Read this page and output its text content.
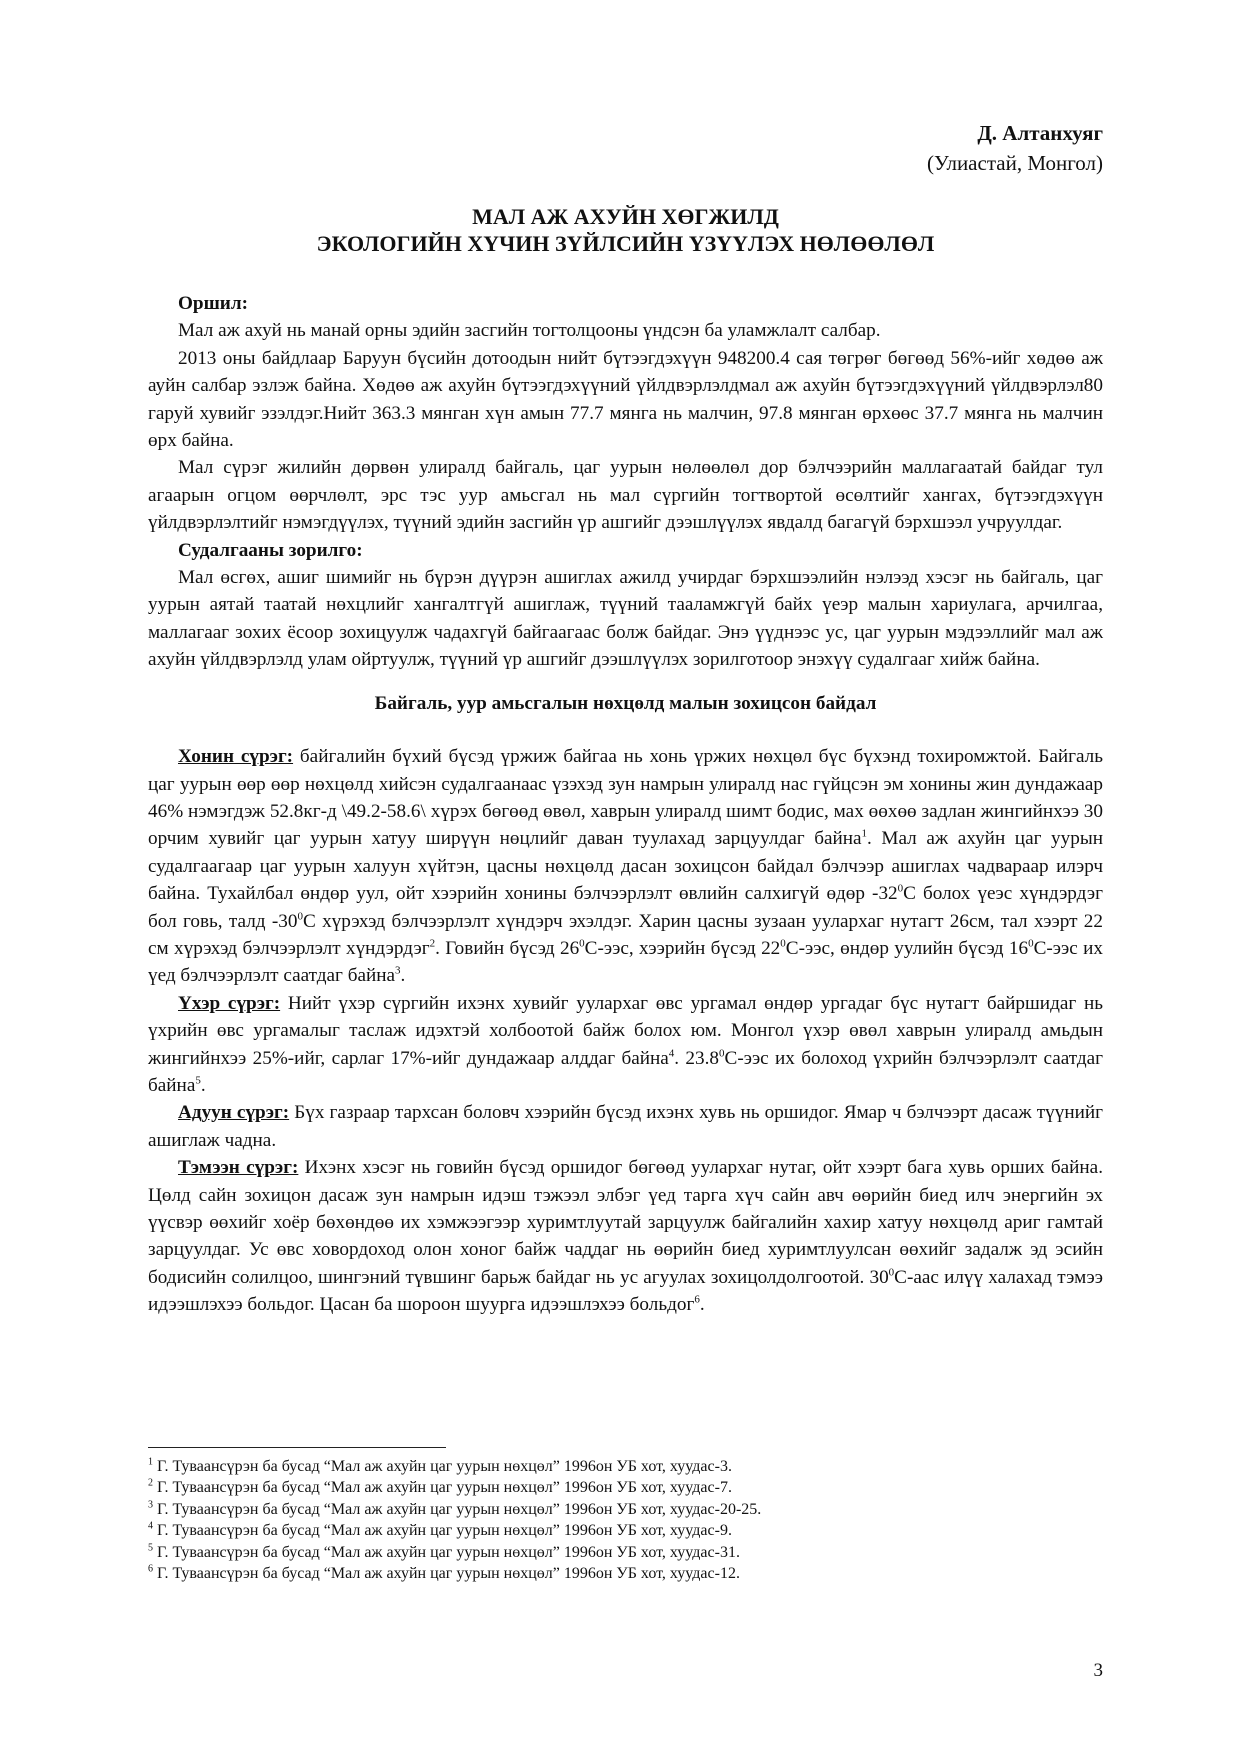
Д. Алтанхуяг
(Улиастай, Монгол)
МАЛ АЖ АХУЙН ХӨГЖИЛД
ЭКОЛОГИЙН ХҮЧИН ЗҮЙЛСИЙН ҮЗҮҮЛЭХ НӨЛӨӨЛӨЛ

Оршил:

Мал аж ахуй нь манай орны эдийн засгийн тогтолцооны үндсэн ба уламжлалт салбар.

2013 оны байдлаар Баруун бүсийн дотоодын нийт бүтээгдэхүүн 948200.4 сая төгрөг бөгөөд 56%-ийг хөдөө аж ауйн салбар эзлэж байна. Хөдөө аж ахуйн бүтээгдэхүүний үйлдвэрлэлдмал аж ахуйн бүтээгдэхүүний үйлдвэрлэл80 гаруй хувийг эзэлдэг.Нийт 363.3 мянган хүн амын 77.7 мянга нь малчин, 97.8 мянган өрхөөс 37.7 мянга нь малчин өрх байна.

Мал сүрэг жилийн дөрвөн улиралд байгаль, цаг уурын нөлөөлөл дор бэлчээрийн маллагаатай байдаг тул агаарын огцом өөрчлөлт, эрс тэс уур амьсгал нь мал сүргийн тогтвортой өсөлтийг хангах, бүтээгдэхүүн үйлдвэрлэлтийг нэмэгдүүлэх, түүний эдийн засгийн үр ашгийг дээшлүүлэх явдалд багагүй бэрхшээл учруулдаг.

Судалгааны зорилго:

Мал өсгөх, ашиг шимийг нь бүрэн дүүрэн ашиглах ажилд учирдаг бэрхшээлийн нэлээд хэсэг нь байгаль, цаг уурын аятай таатай нөхцлийг хангалтгүй ашиглаж, түүний тааламжгүй байх үеэр малын хариулага, арчилгаа, маллагааг зохих ёсоор зохицуулж чадахгүй байгаагаас болж байдаг. Энэ үүднээс ус, цаг уурын мэдээллийг мал аж ахуйн үйлдвэрлэлд улам ойртуулж, түүний үр ашгийг дээшлүүлэх зорилготоор энэхүү судалгааг хийж байна.

Байгаль, уур амьсгалын нөхцөлд малын зохицсон байдал

Хонин сүрэг: байгалийн бүхий бүсэд үржиж байгаа нь хонь үржих нөхцөл бүс бүхэнд тохиромжтой. Байгаль цаг уурын өөр өөр нөхцөлд хийсэн судалгаанаас үзэхэд зун намрын улиралд нас гүйцсэн эм хонины жин дундажаар 46% нэмэгдэж 52.8кг-д \49.2-58.6\ хүрэх бөгөөд өвөл, хаврын улиралд шимт бодис, мах өөхөө задлан жингийнхээ 30 орчим хувийг цаг уурын хатуу ширүүн нөцлийг даван туулахад зарцуулдаг байна$^1$. Мал аж ахуйн цаг уурын судалгаагаар цаг уурын халуун хүйтэн, цасны нөхцөлд дасан зохицсон байдал бэлчээр ашиглах чадвараар илэрч байна. Тухайлбал өндөр уул, ойт хээрийн хонины бэлчээрлэлт өвлийн салхигүй өдөр $-32^0С$ болох үеэс хүндэрдэг бол говь, талд $-30^0С$ хүрэхэд бэлчээрлэлт хүндэрч эхэлдэг. Харин цасны зузаан уулархаг нутагт 26см, тал хээрт 22 см хүрэхэд бэлчээрлэлт хүндэрдэг$^2$. Говийн бүсэд $26^0С$-ээс, хээрийн бүсэд $22^0С$-ээс, өндөр уулийн бүсэд $16^0С$-ээс их үед бэлчээрлэлт саатдаг байна$^3$.

Үхэр сүрэг: Нийт үхэр сүргийн ихэнх хувийг уулархаг өвс ургамал өндөр ургадаг бүс нутагт байршидаг нь үхрийн өвс ургамалыг таслаж идэхтэй холбоотой байж болох юм. Монгол үхэр өвөл хаврын улиралд амьдын жингийнхээ 25%-ийг, сарлаг 17%-ийг дундажаар алддаг байна$^4$. 23.8$^0$С-ээс их болоход үхрийн бэлчээрлэлт саатдаг байна$^5$.

Адуун сүрэг: Бүх газраар тархсан боловч хээрийн бүсэд ихэнх хувь нь оршидог. Ямар ч бэлчээрт дасаж түүнийг ашиглаж чадна.

Тэмээн сүрэг: Ихэнх хэсэг нь говийн бүсэд оршидог бөгөөд уулархаг нутаг, ойт хээрт бага хувь орших байна. Цөлд сайн зохицон дасаж зун намрын идэш тэжээл элбэг үед тарга хүч сайн авч өөрийн биед илч энергийн эх үүсвэр өөхийг хоёр бөхөндөө их хэмжээгээр хуримтлуутай зарцуулж байгалийн хахир хатуу нөхцөлд ариг гамтай зарцуулдаг. Ус өвс ховордоход олон хоног байж чаддаг нь өөрийн биед хуримтлуулсан өөхийг задалж эд эсийн бодисийн солилцоо, шингэний түвшинг барьж байдаг нь ус агуулах зохицолдолгоотой. $30^0С$-аас илүү халахад тэмээ идээшлэхээ больдог. Цасан ба шороон шуурга идээшлэхээ больдог$^6$.

$^1$ Г. Туваансүрэн ба бусад “Мал аж ахуйн цаг уурын нөхцөл” 1996он УБ хот, хуудас-3.
$^2$ Г. Туваансүрэн ба бусад “Мал аж ахуйн цаг уурын нөхцөл” 1996он УБ хот, хуудас-7.
$^3$ Г. Туваансүрэн ба бусад “Мал аж ахуйн цаг уурын нөхцөл” 1996он УБ хот, хуудас-20-25.
$^4$ Г. Туваансүрэн ба бусад “Мал аж ахуйн цаг уурын нөхцөл” 1996он УБ хот, хуудас-9.
$^5$ Г. Туваансүрэн ба бусад “Мал аж ахуйн цаг уурын нөхцөл” 1996он УБ хот, хуудас-31.
$^6$ Г. Туваансүрэн ба бусад “Мал аж ахуйн цаг уурын нөхцөл” 1996он УБ хот, хуудас-12.
3
